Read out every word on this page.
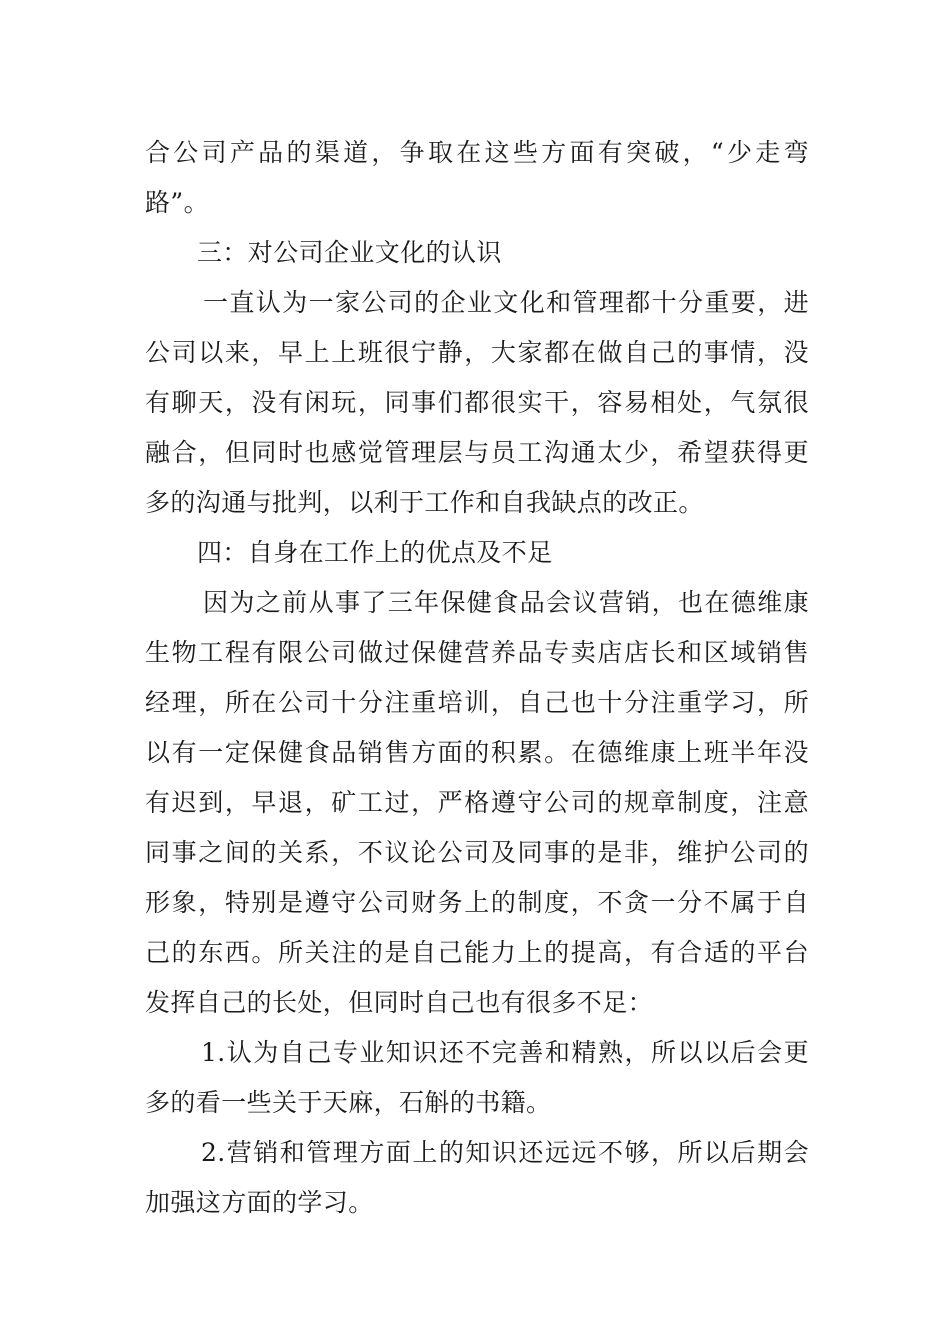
合公司产品的渠道，争取在这些方面有突破，“少走弯
路”。
三：对公司企业文化的认识
一直认为一家公司的企业文化和管理都十分重要，进
公司以来，早上上班很宁静，大家都在做自己的事情，没
有聊天，没有闲玩，同事们都很实干，容易相处，气氛很
融合，但同时也感觉管理层与员工沟通太少，希望获得更
多的沟通与批判，以利于工作和自我缺点的改正。
四：自身在工作上的优点及不足
因为之前从事了三年保健食品会议营销，也在德维康
生物工程有限公司做过保健营养品专卖店店长和区域销售
经理，所在公司十分注重培训，自己也十分注重学习，所
以有一定保健食品销售方面的积累。在德维康上班半年没
有迟到，早退，矿工过，严格遵守公司的规章制度，注意
同事之间的关系，不议论公司及同事的是非，维护公司的
形象，特别是遵守公司财务上的制度，不贪一分不属于自
己的东西。所关注的是自己能力上的提高，有合适的平台
发挥自己的长处，但同时自己也有很多不足：
1.认为自己专业知识还不完善和精熟，所以以后会更
多的看一些关于天麻，石斛的书籍。
2.营销和管理方面上的知识还远远不够，所以后期会
加强这方面的学习。
